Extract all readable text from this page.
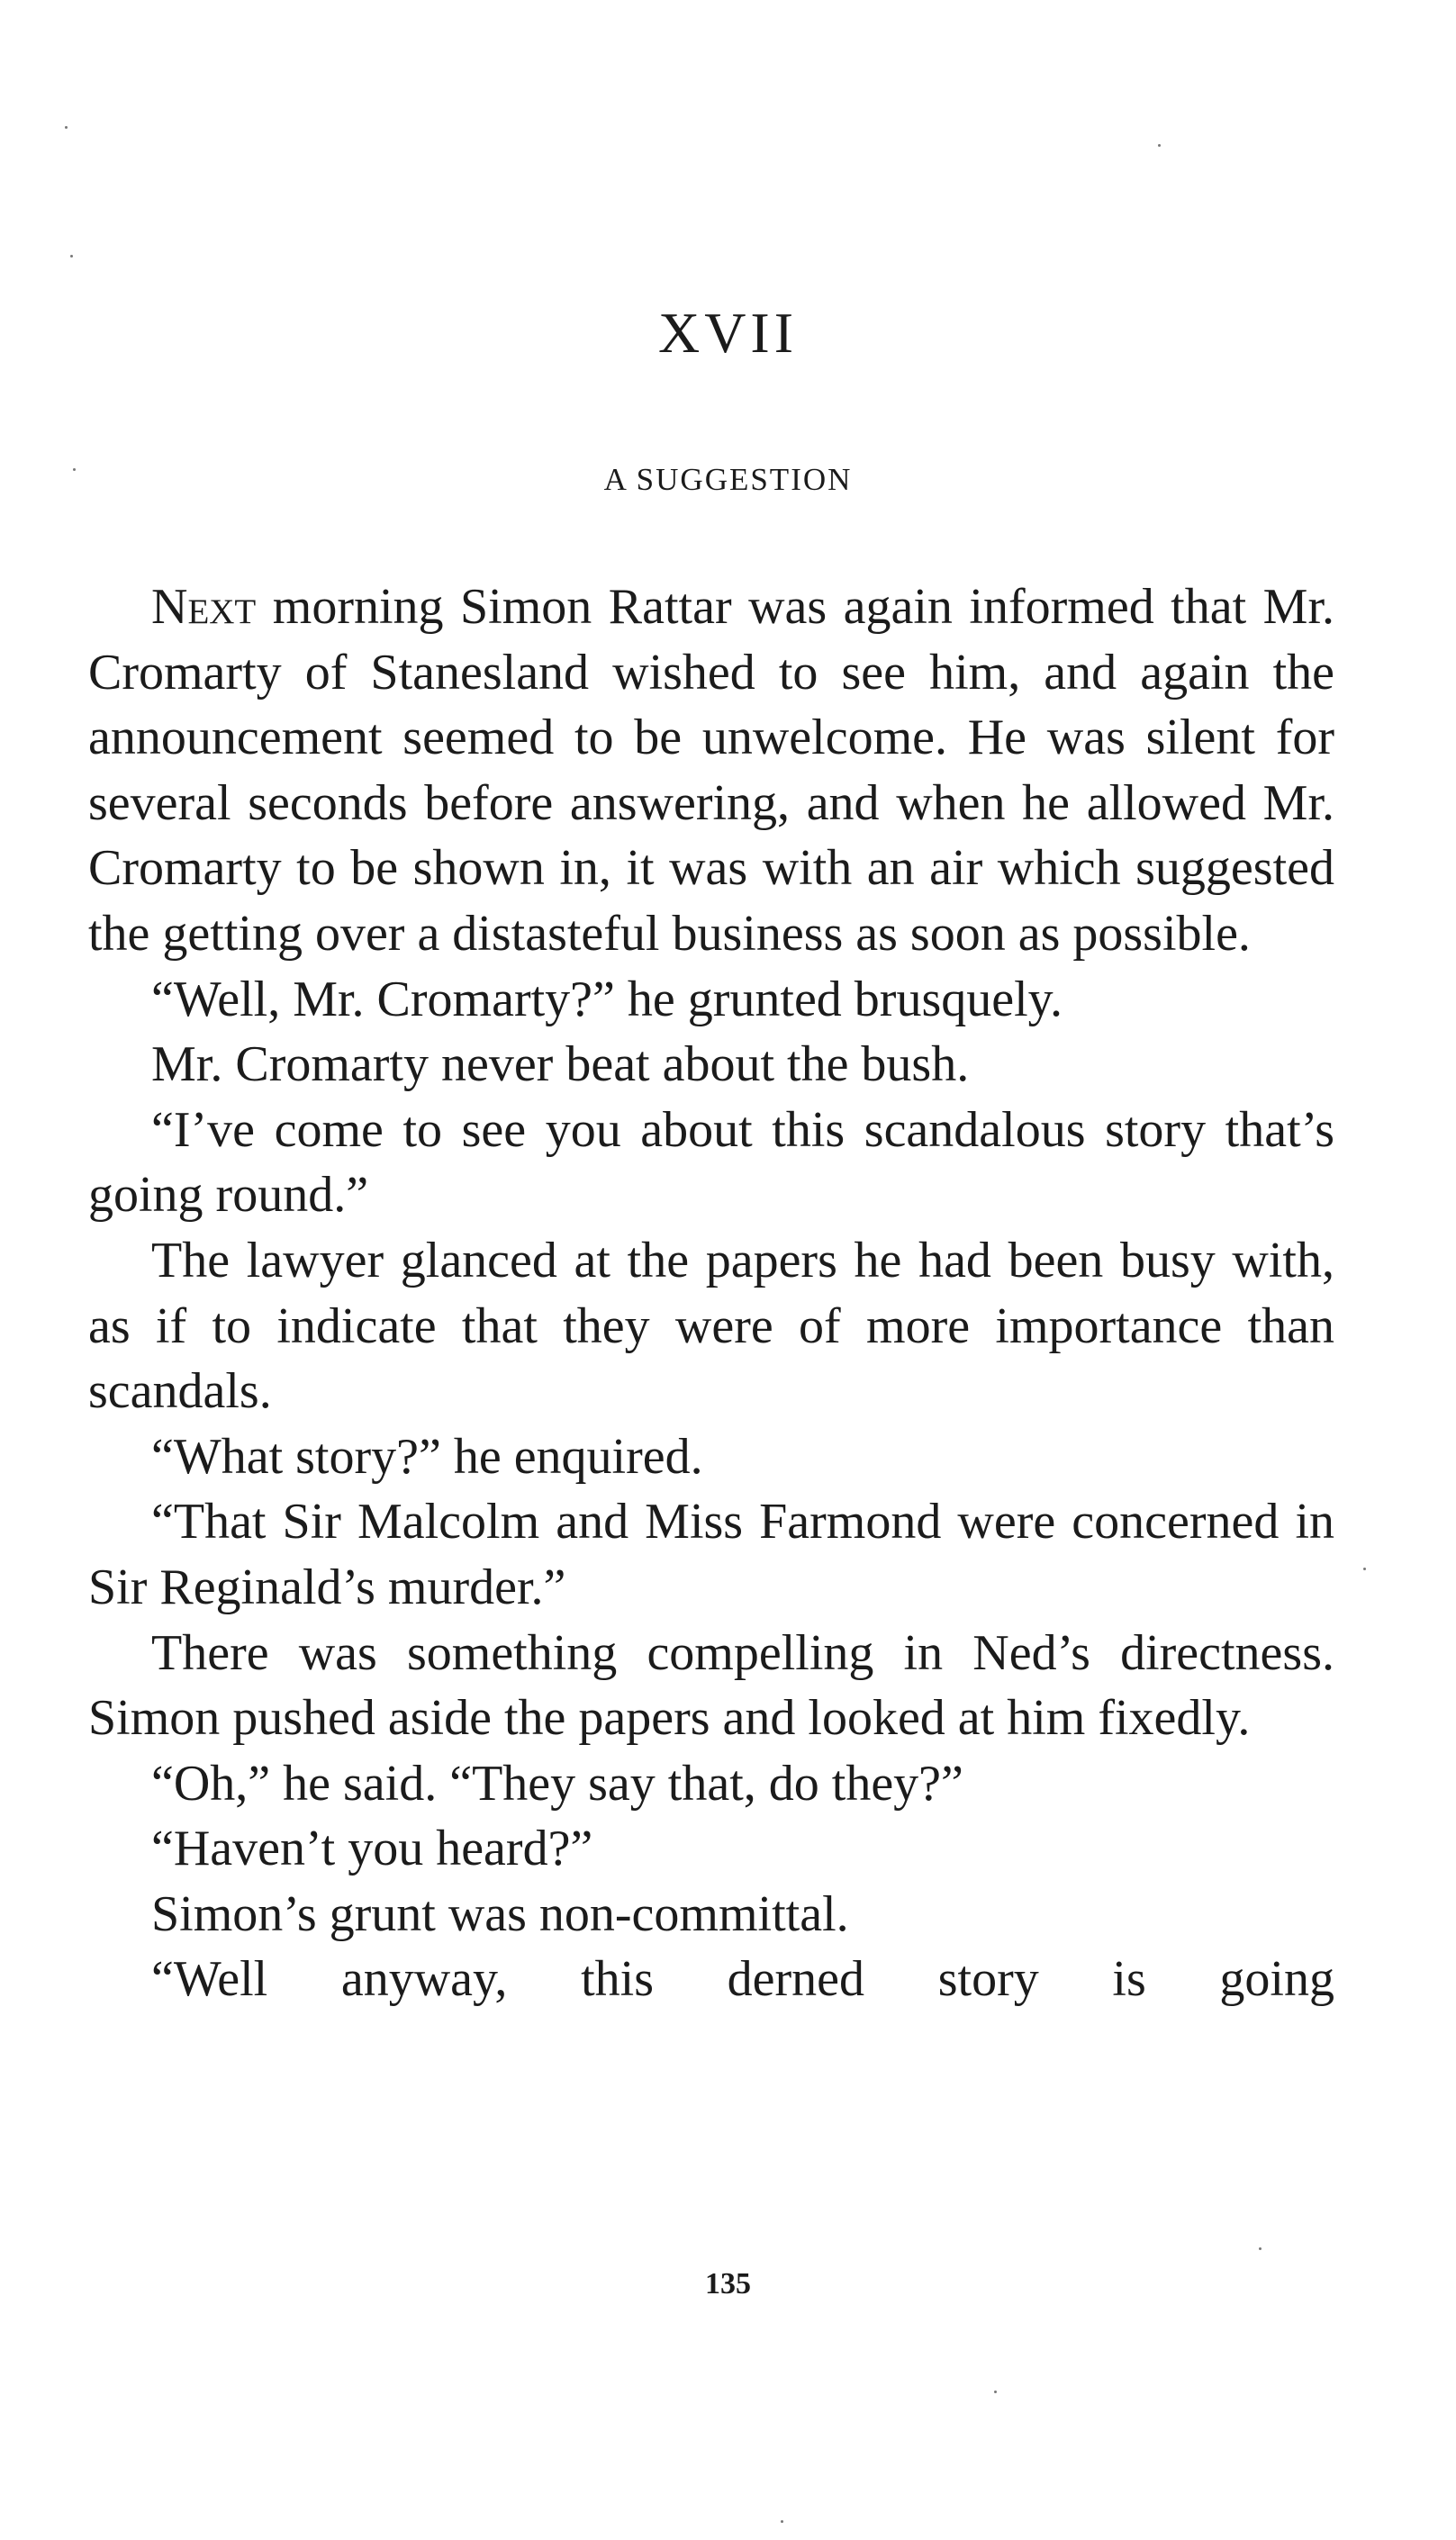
XVII
A SUGGESTION

Next morning Simon Rattar was again informed that Mr. Cromarty of Stanesland wished to see him, and again the announcement seemed to be unwelcome. He was silent for several seconds before answering, and when he allowed Mr. Cromarty to be shown in, it was with an air which suggested the getting over a distasteful business as soon as possible.

“Well, Mr. Cromarty?” he grunted brusquely.

Mr. Cromarty never beat about the bush.

“I’ve come to see you about this scandalous story that’s going round.”

The lawyer glanced at the papers he had been busy with, as if to indicate that they were of more importance than scandals.

“What story?” he enquired.

“That Sir Malcolm and Miss Farmond were concerned in Sir Reginald’s murder.”

There was something compelling in Ned’s directness. Simon pushed aside the papers and looked at him fixedly.

“Oh,” he said. “They say that, do they?”

“Haven’t you heard?”

Simon’s grunt was non-committal.

“Well anyway, this derned story is going

135
